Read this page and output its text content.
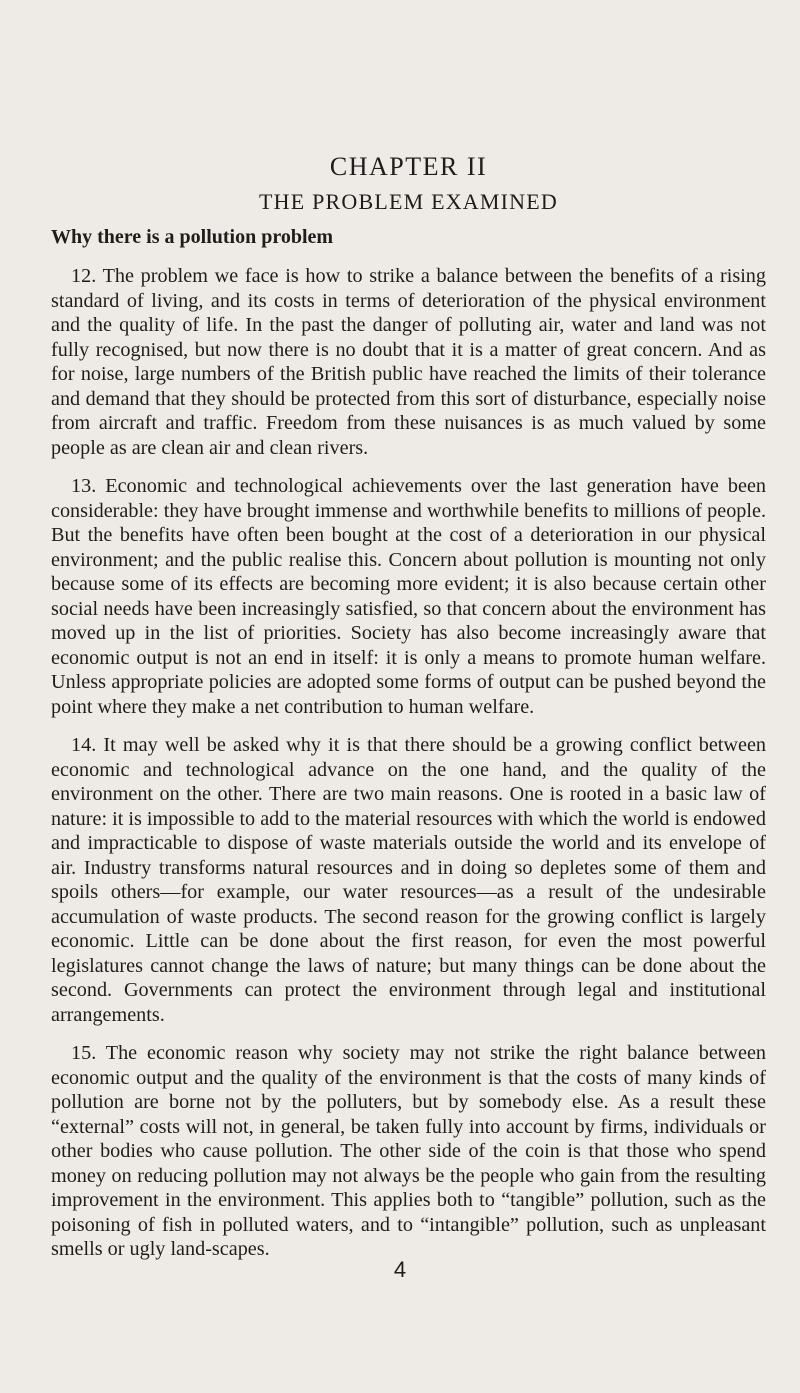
CHAPTER II
THE PROBLEM EXAMINED
Why there is a pollution problem

12. The problem we face is how to strike a balance between the benefits of a rising standard of living, and its costs in terms of deterioration of the physical environment and the quality of life. In the past the danger of polluting air, water and land was not fully recognised, but now there is no doubt that it is a matter of great concern. And as for noise, large numbers of the British public have reached the limits of their tolerance and demand that they should be protected from this sort of disturbance, especially noise from aircraft and traffic. Freedom from these nuisances is as much valued by some people as are clean air and clean rivers.

13. Economic and technological achievements over the last generation have been considerable: they have brought immense and worthwhile benefits to millions of people. But the benefits have often been bought at the cost of a deterioration in our physical environment; and the public realise this. Concern about pollution is mounting not only because some of its effects are becoming more evident; it is also because certain other social needs have been increasingly satisfied, so that concern about the environment has moved up in the list of priorities. Society has also become increasingly aware that economic output is not an end in itself: it is only a means to promote human welfare. Unless appropriate policies are adopted some forms of output can be pushed beyond the point where they make a net contribution to human welfare.

14. It may well be asked why it is that there should be a growing conflict between economic and technological advance on the one hand, and the quality of the environment on the other. There are two main reasons. One is rooted in a basic law of nature: it is impossible to add to the material resources with which the world is endowed and impracticable to dispose of waste materials outside the world and its envelope of air. Industry transforms natural resources and in doing so depletes some of them and spoils others—for example, our water resources—as a result of the undesirable accumulation of waste products. The second reason for the growing conflict is largely economic. Little can be done about the first reason, for even the most powerful legislatures cannot change the laws of nature; but many things can be done about the second. Governments can protect the environment through legal and institutional arrangements.

15. The economic reason why society may not strike the right balance between economic output and the quality of the environment is that the costs of many kinds of pollution are borne not by the polluters, but by somebody else. As a result these “external” costs will not, in general, be taken fully into account by firms, individuals or other bodies who cause pollution. The other side of the coin is that those who spend money on reducing pollution may not always be the people who gain from the resulting improvement in the environment. This applies both to “tangible” pollution, such as the poisoning of fish in polluted waters, and to “intangible” pollution, such as unpleasant smells or ugly land-scapes.

4
